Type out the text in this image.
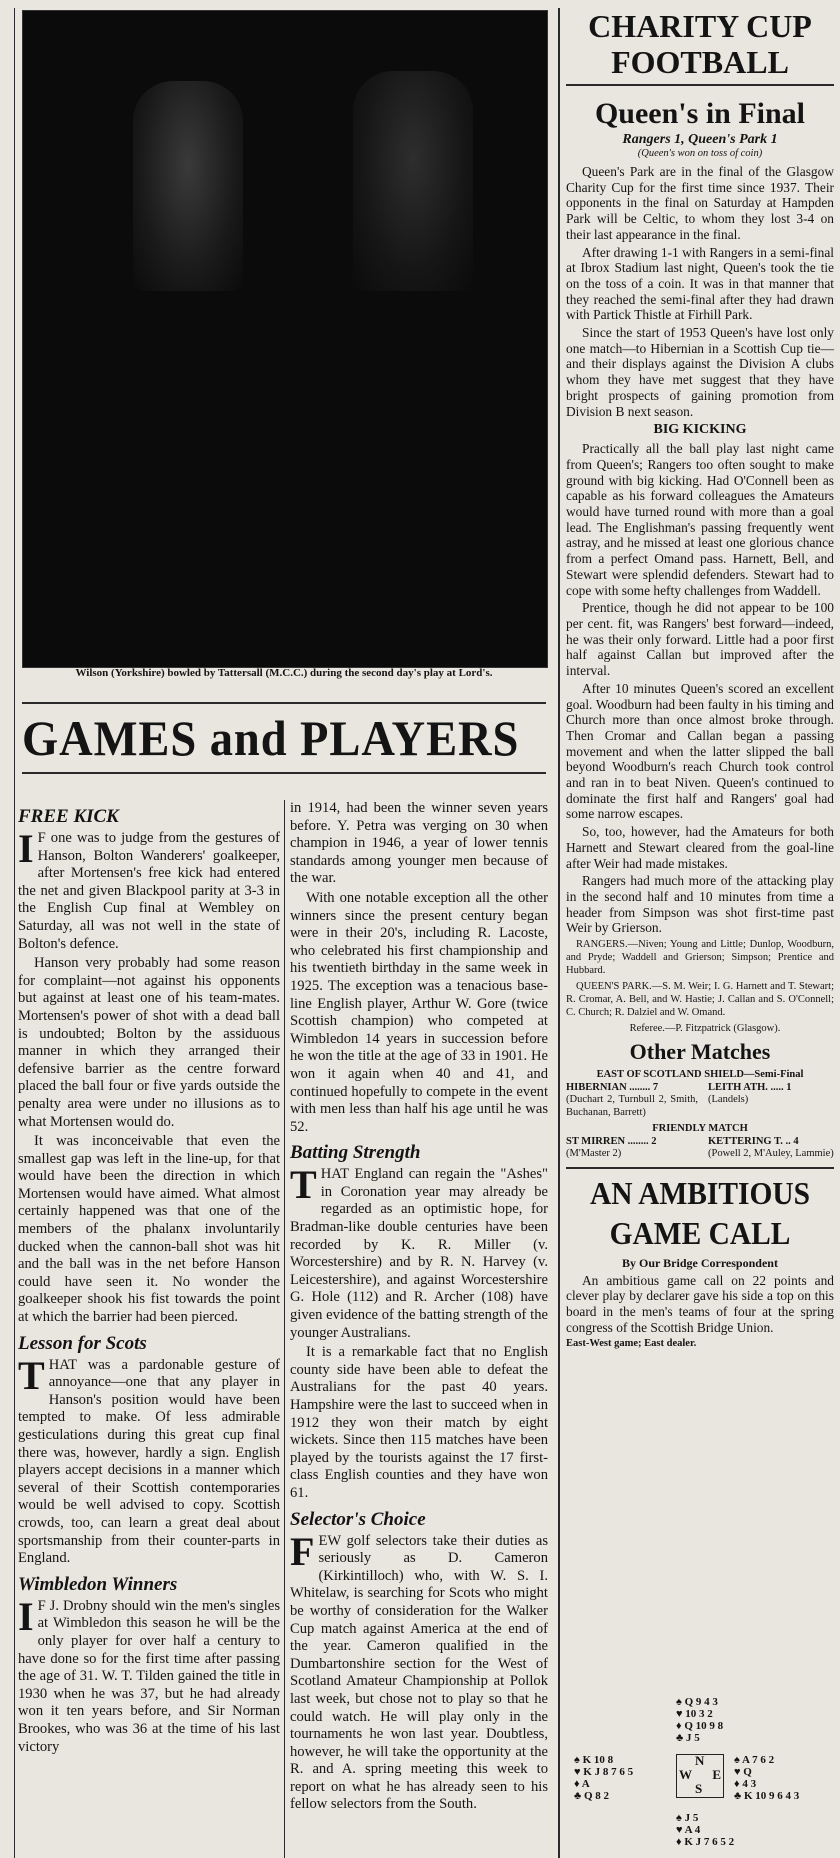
Wilson (Yorkshire) bowled by Tattersall (M.C.C.) during the second day's play at Lord's.
GAMES and PLAYERS
FREE KICK

I F one was to judge from the gestures of Hanson, Bolton Wanderers' goalkeeper, after Mortensen's free kick had entered the net and given Blackpool parity at 3-3 in the English Cup final at Wembley on Saturday, all was not well in the state of Bolton's defence.

Hanson very probably had some reason for complaint—not against his opponents but against at least one of his team-mates. Mortensen's power of shot with a dead ball is undoubted; Bolton by the assiduous manner in which they arranged their defensive barrier as the centre forward placed the ball four or five yards outside the penalty area were under no illusions as to what Mortensen would do.

It was inconceivable that even the smallest gap was left in the line-up, for that would have been the direction in which Mortensen would have aimed. What almost certainly happened was that one of the members of the phalanx involuntarily ducked when the cannon-ball shot was hit and the ball was in the net before Hanson could have seen it. No wonder the goalkeeper shook his fist towards the point at which the barrier had been pierced.

Lesson for Scots

THAT was a pardonable gesture of annoyance—one that any player in Hanson's position would have been tempted to make. Of less admirable gesticulations during this great cup final there was, however, hardly a sign. English players accept decisions in a manner which several of their Scottish contemporaries would be well advised to copy. Scottish crowds, too, can learn a great deal about sportsmanship from their counter-parts in England.

Wimbledon Winners

I F J. Drobny should win the men's singles at Wimbledon this season he will be the only player for over half a century to have done so for the first time after passing the age of 31. W. T. Tilden gained the title in 1930 when he was 37, but he had already won it ten years before, and Sir Norman Brookes, who was 36 at the time of his last victory

in 1914, had been the winner seven years before. Y. Petra was verging on 30 when champion in 1946, a year of lower tennis standards among younger men because of the war.

With one notable exception all the other winners since the present century began were in their 20's, including R. Lacoste, who celebrated his first championship and his twentieth birthday in the same week in 1925. The exception was a tenacious base-line English player, Arthur W. Gore (twice Scottish champion) who competed at Wimbledon 14 years in succession before he won the title at the age of 33 in 1901. He won it again when 40 and 41, and continued hopefully to compete in the event with men less than half his age until he was 52.

Batting Strength

THAT England can regain the "Ashes" in Coronation year may already be regarded as an optimistic hope, for Bradman-like double centuries have been recorded by K. R. Miller (v. Worcestershire) and by R. N. Harvey (v. Leicestershire), and against Worcestershire G. Hole (112) and R. Archer (108) have given evidence of the batting strength of the younger Australians.

It is a remarkable fact that no English county side have been able to defeat the Australians for the past 40 years. Hampshire were the last to succeed when in 1912 they won their match by eight wickets. Since then 115 matches have been played by the tourists against the 17 first-class English counties and they have won 61.

Selector's Choice

FEW golf selectors take their duties as seriously as D. Cameron (Kirkintilloch) who, with W. S. I. Whitelaw, is searching for Scots who might be worthy of consideration for the Walker Cup match against America at the end of the year. Cameron qualified in the Dumbartonshire section for the West of Scotland Amateur Championship at Pollok last week, but chose not to play so that he could watch. He will play only in the tournaments he won last year. Doubtless, however, he will take the opportunity at the R. and A. spring meeting this week to report on what he has already seen to his fellow selectors from the South.

CHARITY CUP
FOOTBALL
Queen's in Final
Rangers 1, Queen's Park 1
(Queen's won on toss of coin)

Queen's Park are in the final of the Glasgow Charity Cup for the first time since 1937. Their opponents in the final on Saturday at Hampden Park will be Celtic, to whom they lost 3-4 on their last appearance in the final.

After drawing 1-1 with Rangers in a semi-final at Ibrox Stadium last night, Queen's took the tie on the toss of a coin. It was in that manner that they reached the semi-final after they had drawn with Partick Thistle at Firhill Park.

Since the start of 1953 Queen's have lost only one match—to Hibernian in a Scottish Cup tie—and their displays against the Division A clubs whom they have met suggest that they have bright prospects of gaining promotion from Division B next season.

BIG KICKING

Practically all the ball play last night came from Queen's; Rangers too often sought to make ground with big kicking. Had O'Connell been as capable as his forward colleagues the Amateurs would have turned round with more than a goal lead. The Englishman's passing frequently went astray, and he missed at least one glorious chance from a perfect Omand pass. Harnett, Bell, and Stewart were splendid defenders. Stewart had to cope with some hefty challenges from Waddell.

Prentice, though he did not appear to be 100 per cent. fit, was Rangers' best forward—indeed, he was their only forward. Little had a poor first half against Callan but improved after the interval.

After 10 minutes Queen's scored an excellent goal. Woodburn had been faulty in his timing and Church more than once almost broke through. Then Cromar and Callan began a passing movement and when the latter slipped the ball beyond Woodburn's reach Church took control and ran in to beat Niven. Queen's continued to dominate the first half and Rangers' goal had some narrow escapes.

So, too, however, had the Amateurs for both Harnett and Stewart cleared from the goal-line after Weir had made mistakes.

Rangers had much more of the attacking play in the second half and 10 minutes from time a header from Simpson was shot first-time past Weir by Grierson.

RANGERS.—Niven; Young and Little; Dunlop, Woodburn, and Pryde; Waddell and Grierson; Simpson; Prentice and Hubbard.

QUEEN'S PARK.—S. M. Weir; I. G. Harnett and T. Stewart; R. Cromar, A. Bell, and W. Hastie; J. Callan and S. O'Connell; C. Church; R. Dalziel and W. Omand.

Referee.—P. Fitzpatrick (Glasgow).

Other Matches
EAST OF SCOTLAND SHIELD—Semi-Final
HIBERNIAN ........ 7
(Duchart 2, Turnbull 2, Smith, Buchanan, Barrett)
LEITH ATH. ..... 1
(Landels)
FRIENDLY MATCH
ST MIRREN ........ 2
(M'Master 2)
KETTERING T. .. 4
(Powell 2, M'Auley, Lammie)
AN AMBITIOUS
GAME CALL
By Our Bridge Correspondent

An ambitious game call on 22 points and clever play by declarer gave his side a top on this board in the men's teams of four at the spring congress of the Scottish Bridge Union.

East-West game; East dealer.
♠ Q 9 4 3
♥ 10 3 2
♦ Q 10 9 8
♣ J 5
♠ K 10 8
♥ K J 8 7 6 5
♦ A
♣ Q 8 2
N
W E
S
♠ A 7 6 2
♥ Q
♦ 4 3
♣ K 10 9 6 4 3
♠ J 5
♥ A 4
♦ K J 7 6 5 2
